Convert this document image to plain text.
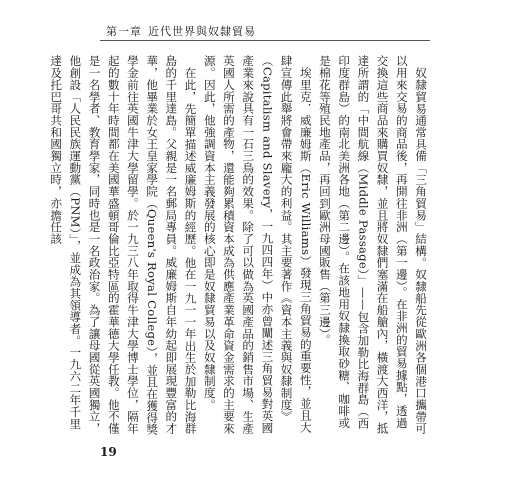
第一章 近代世界與奴隸貿易

奴隸貿易通常具備「三角貿易」結構。奴隸船先從歐洲各個港口攜帶可以用來交易的商品後，再開往非洲（第一邊）。在非洲的貿易據點，透過交換這些商品來購買奴隸，並且將奴隸們塞滿在船艙內，橫渡大西洋，抵達所謂的「中間航線（Middle Passage）」——包含加勒比海群島（西印度群島）的南北美洲各地（第二邊）。在該地用奴隸換取砂糖、咖啡或是棉花等殖民地產品，再回到歐洲母國販售（第三邊）。

埃里克．威廉姆斯（Eric Williams）發現三角貿易的重要性，並且大肆宣傳此舉將會帶來龐大的利益。其主要著作《資本主義與奴隸制度》（Capitalism and Slavery，一九四四年）中亦曾闡述三角貿易對英國產業來說具有一石三鳥的效果。除了可以做為英國產品的銷售市場、生產英國人所需的產物，還能夠累積資本成為供應產業革命資金需求的主要來源。因此，他強調資本主義發展的核心即是奴隸貿易以及奴隸制度。

在此，先簡單描述威廉姆斯的經歷。他在一九一一年出生於加勒比海群島的千里達島。父親是一名郵局專員。威廉姆斯自年幼起即展現豐富的才華，他畢業於女王皇家學院（Queen's Royal College），並且在獲得獎學金前往英國牛津大學留學。於一九三八年取得牛津大學博士學位，隔年起的數十年時間都在美國華盛頓哥倫比亞特區的霍華德大學任教。他不僅是一名學者、教育學家，同時也是一名政治家。為了讓母國從英國獨立，他創設「人民民族運動黨（PNM）」，並成為其領導者。一九六二年千里達及托巴哥共和國獨立時，亦擔任該

19
